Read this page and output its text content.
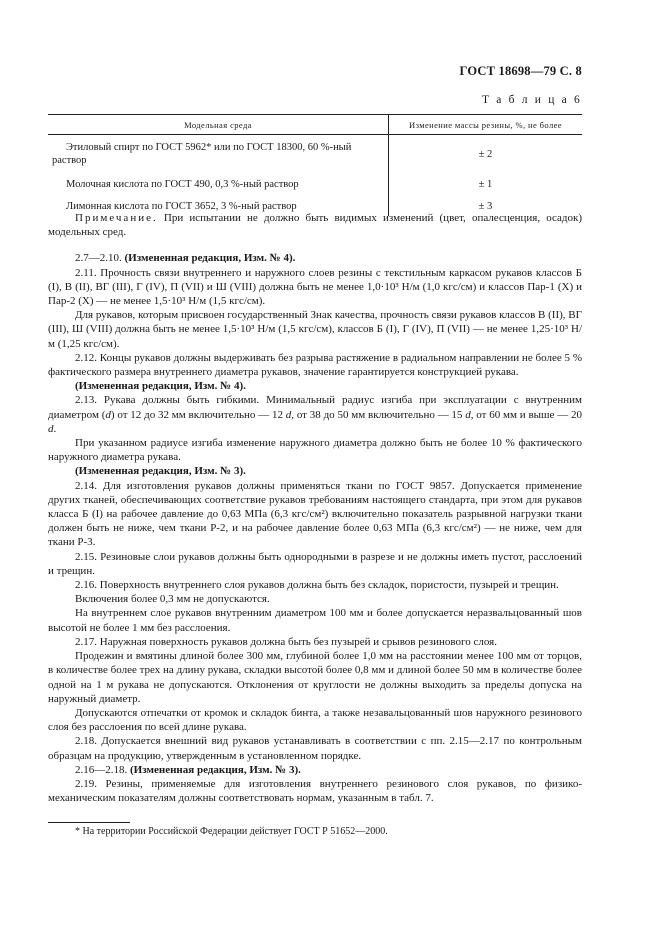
ГОСТ 18698—79 С. 8
Т а б л и ц а 6
Модельная среда	Изменение массы резины, %, не более

Этиловый спирт по ГОСТ 5962* или по ГОСТ 18300, 60 %-ный раствор	± 2
Молочная кислота по ГОСТ 490, 0,3 %-ный раствор	± 1
Лимонная кислота по ГОСТ 3652, 3 %-ный раствор	± 3

Примечание. При испытании не должно быть видимых изменений (цвет, опалесценция, осадок) модельных сред.

2.7—2.10. (Измененная редакция, Изм. № 4).

2.11. Прочность связи внутреннего и наружного слоев резины с текстильным каркасом рукавов классов Б (I), В (II), ВГ (III), Г (IV), П (VII) и Ш (VIII) должна быть не менее 1,0·10³ Н/м (1,0 кгс/см) и классов Пар-1 (X) и Пар-2 (X) — не менее 1,5·10³ Н/м (1,5 кгс/см).

Для рукавов, которым присвоен государственный Знак качества, прочность связи рукавов классов В (II), ВГ (III), Ш (VIII) должна быть не менее 1,5·10³ Н/м (1,5 кгс/см), классов Б (I), Г (IV), П (VII) — не менее 1,25·10³ Н/м (1,25 кгс/см).

2.12. Концы рукавов должны выдерживать без разрыва растяжение в радиальном направлении не более 5 % фактического размера внутреннего диаметра рукавов, значение гарантируется конструкцией рукава.

(Измененная редакция, Изм. № 4).

2.13. Рукава должны быть гибкими. Минимальный радиус изгиба при эксплуатации с внутренним диаметром (d) от 12 до 32 мм включительно — 12 d, от 38 до 50 мм включительно — 15 d, от 60 мм и выше — 20 d.

При указанном радиусе изгиба изменение наружного диаметра должно быть не более 10 % фактического наружного диаметра рукава.

(Измененная редакция, Изм. № 3).

2.14. Для изготовления рукавов должны применяться ткани по ГОСТ 9857. Допускается применение других тканей, обеспечивающих соответствие рукавов требованиям настоящего стандарта, при этом для рукавов класса Б (I) на рабочее давление до 0,63 МПа (6,3 кгс/см²) включительно показатель разрывной нагрузки ткани должен быть не ниже, чем ткани Р-2, и на рабочее давление более 0,63 МПа (6,3 кгс/см²) — не ниже, чем для ткани Р-3.

2.15. Резиновые слои рукавов должны быть однородными в разрезе и не должны иметь пустот, расслоений и трещин.

2.16. Поверхность внутреннего слоя рукавов должна быть без складок, пористости, пузырей и трещин.

Включения более 0,3 мм не допускаются.

На внутреннем слое рукавов внутренним диаметром 100 мм и более допускается неразвальцованный шов высотой не более 1 мм без расслоения.

2.17. Наружная поверхность рукавов должна быть без пузырей и срывов резинового слоя.

Продежин и вмятины длиной более 300 мм, глубиной более 1,0 мм на расстоянии менее 100 мм от торцов, в количестве более трех на длину рукава, складки высотой более 0,8 мм и длиной более 50 мм в количестве более одной на 1 м рукава не допускаются. Отклонения от круглости не должны выходить за пределы допуска на наружный диаметр.

Допускаются отпечатки от кромок и складок бинта, а также незавальцованный шов наружного резинового слоя без расслоения по всей длине рукава.

2.18. Допускается внешний вид рукавов устанавливать в соответствии с пп. 2.15—2.17 по контрольным образцам на продукцию, утвержденным в установленном порядке.

2.16—2.18. (Измененная редакция, Изм. № 3).

2.19. Резины, применяемые для изготовления внутреннего резинового слоя рукавов, по физико-механическим показателям должны соответствовать нормам, указанным в табл. 7.

* На территории Российской Федерации действует ГОСТ Р 51652—2000.
